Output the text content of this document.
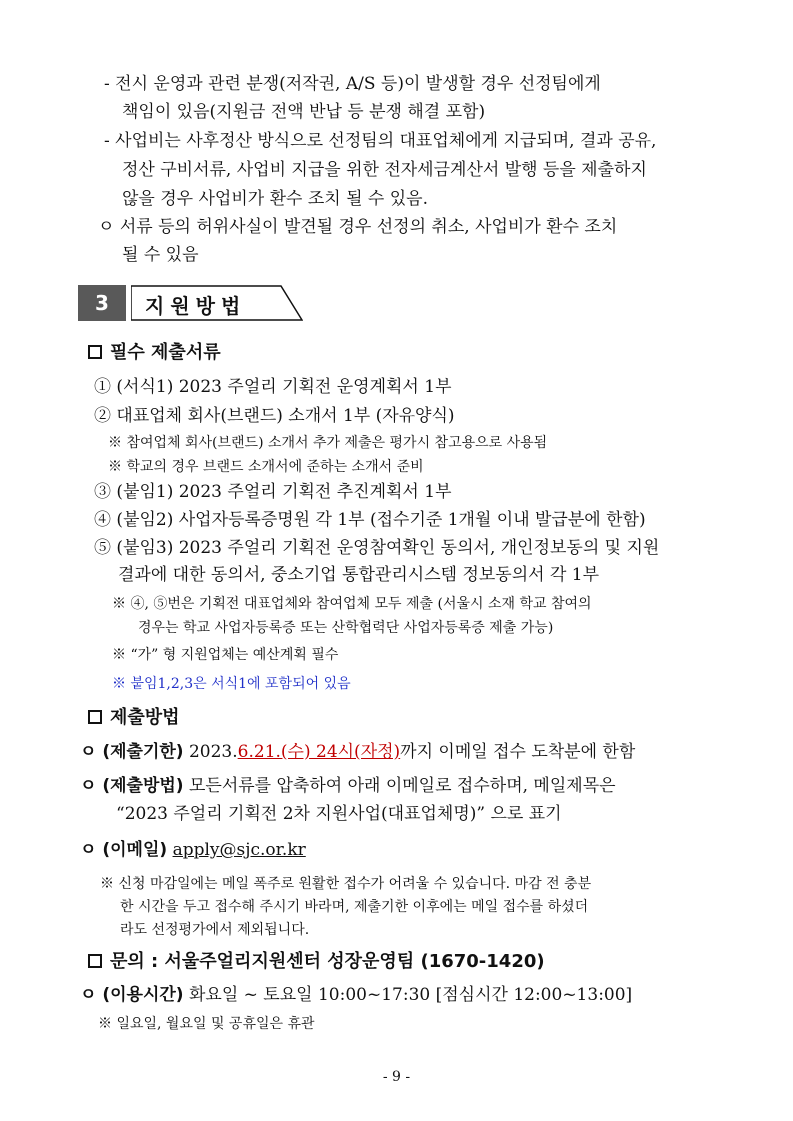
- 전시 운영과 관련 분쟁(저작권, A/S 등)이 발생할 경우 선정팀에게
책임이 있음(지원금 전액 반납 등 분쟁 해결 포함)
- 사업비는 사후정산 방식으로 선정팀의 대표업체에게 지급되며, 결과 공유,
정산 구비서류, 사업비 지급을 위한 전자세금계산서 발행 등을 제출하지
않을 경우 사업비가 환수 조치 될 수 있음.
ㅇ 서류 등의 허위사실이 발견될 경우 선정의 취소, 사업비가 환수 조치
될 수 있음
3	지원방법
필수 제출서류
① (서식1) 2023 주얼리 기획전 운영계획서 1부
② 대표업체 회사(브랜드) 소개서 1부 (자유양식)
※ 참여업체 회사(브랜드) 소개서 추가 제출은 평가시 참고용으로 사용됨
※ 학교의 경우 브랜드 소개서에 준하는 소개서 준비
③ (붙임1) 2023 주얼리 기획전 추진계획서 1부
④ (붙임2) 사업자등록증명원 각 1부 (접수기준 1개월 이내 발급분에 한함)
⑤ (붙임3) 2023 주얼리 기획전 운영참여확인 동의서, 개인정보동의 및 지원
결과에 대한 동의서, 중소기업 통합관리시스템 정보동의서 각 1부
※ ④, ⑤번은 기획전 대표업체와 참여업체 모두 제출 (서울시 소재 학교 참여의
경우는 학교 사업자등록증 또는 산학협력단 사업자등록증 제출 가능)
※ “가” 형 지원업체는 예산계획 필수
※ 붙임1,2,3은 서식1에 포함되어 있음
제출방법
ㅇ (제출기한) 2023.6.21.(수) 24시(자정)까지 이메일 접수 도착분에 한함
ㅇ (제출방법) 모든서류를 압축하여 아래 이메일로 접수하며, 메일제목은
“2023 주얼리 기획전 2차 지원사업(대표업체명)” 으로 표기
ㅇ (이메일) apply@sjc.or.kr
※ 신청 마감일에는 메일 폭주로 원활한 접수가 어려울 수 있습니다. 마감 전 충분
한 시간을 두고 접수해 주시기 바라며, 제출기한 이후에는 메일 접수를 하셨더
라도 선정평가에서 제외됩니다.
문의 : 서울주얼리지원센터 성장운영팀 (1670-1420)
ㅇ (이용시간) 화요일 ~ 토요일 10:00~17:30 [점심시간 12:00~13:00]
※ 일요일, 월요일 및 공휴일은 휴관
- 9 -
